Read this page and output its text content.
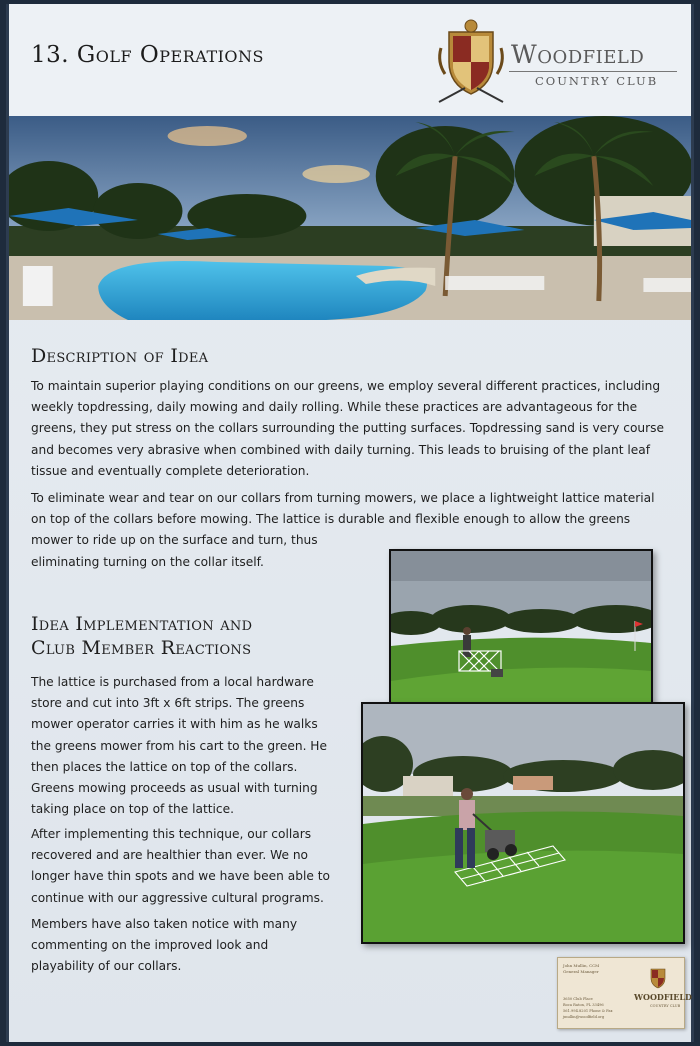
13. Golf Operations	Woodfield
COUNTRY CLUB
Description of Idea
To maintain superior playing conditions on our greens, we employ several different practices, including
weekly topdressing, daily mowing and daily rolling. While these practices are advantageous for the
greens, they put stress on the collars surrounding the putting surfaces. Topdressing sand is very course
and becomes very abrasive when combined with daily turning. This leads to bruising of the plant leaf
tissue and eventually complete deterioration.
To eliminate wear and tear on our collars from turning mowers, we place a lightweight lattice material
on top of the collars before mowing. The lattice is durable and flexible enough to allow the greens
mower to ride up on the surface and turn, thus
eliminating turning on the collar itself.
Idea Implementation and
Club Member Reactions
The lattice is purchased from a local hardware
store and cut into 3ft x 6ft strips. The greens
mower operator carries it with him as he walks
the greens mower from his cart to the green. He
then places the lattice on top of the collars.
Greens mowing proceeds as usual with turning
taking place on top of the lattice.
After implementing this technique, our collars
recovered and are healthier than ever. We no
longer have thin spots and we have been able to
continue with our aggressive cultural programs.
Members have also taken notice with many
commenting on the improved look and
playability of our collars.	John Mullin, CCM
General Manager
3650 Club Place
Boca Raton, FL 33496
561.994.8201 Phone & Fax
jmullin@woodfield.org
WOODFIELD
COUNTRY CLUB
